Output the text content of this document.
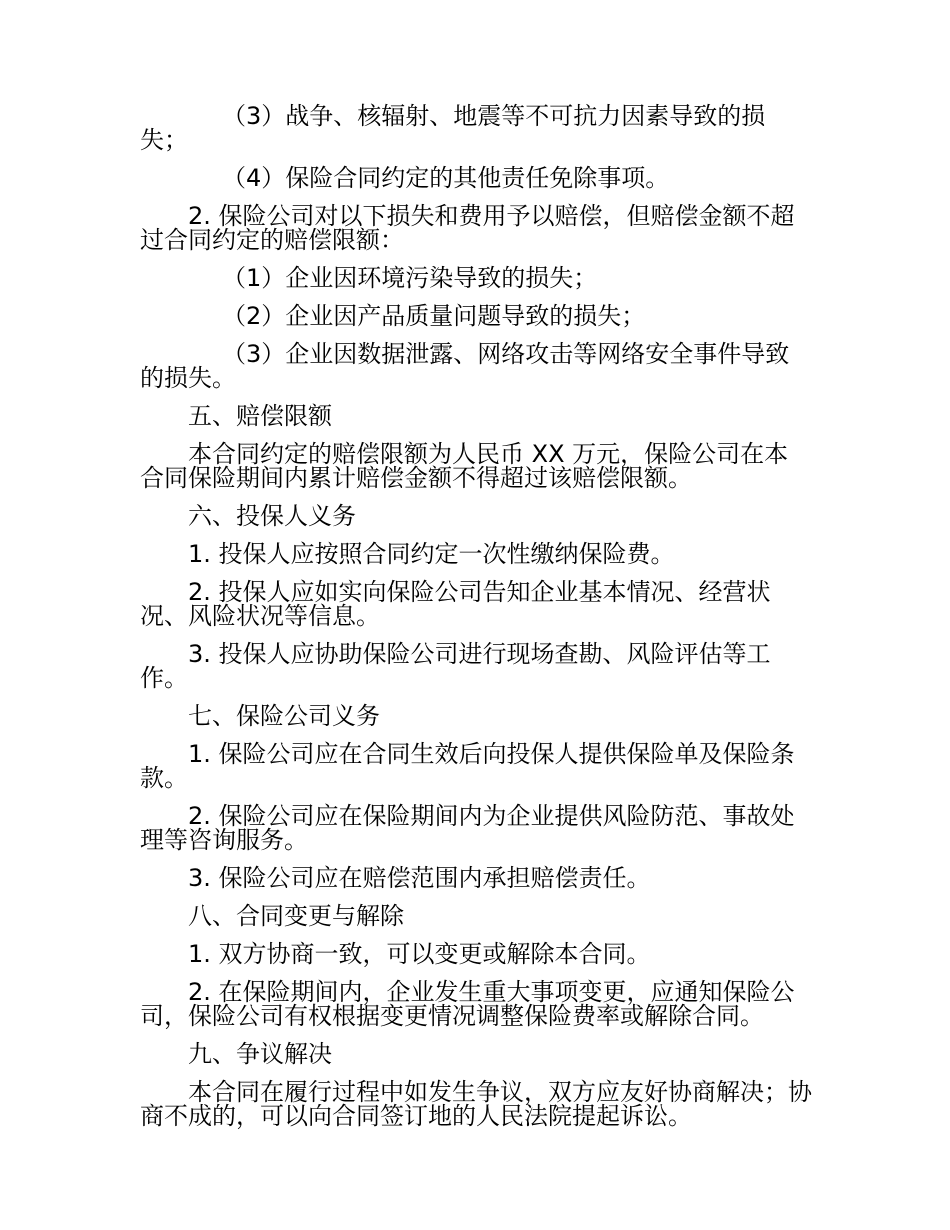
（3）战争、核辐射、地震等不可抗力因素导致的损失；

（4）保险合同约定的其他责任免除事项。

2. 保险公司对以下损失和费用予以赔偿，但赔偿金额不超过合同约定的赔偿限额：

（1）企业因环境污染导致的损失；

（2）企业因产品质量问题导致的损失；

（3）企业因数据泄露、网络攻击等网络安全事件导致的损失。

五、赔偿限额

本合同约定的赔偿限额为人民币 XX 万元，保险公司在本合同保险期间内累计赔偿金额不得超过该赔偿限额。

六、投保人义务

1. 投保人应按照合同约定一次性缴纳保险费。

2. 投保人应如实向保险公司告知企业基本情况、经营状况、风险状况等信息。

3. 投保人应协助保险公司进行现场查勘、风险评估等工作。

七、保险公司义务

1. 保险公司应在合同生效后向投保人提供保险单及保险条款。

2. 保险公司应在保险期间内为企业提供风险防范、事故处理等咨询服务。

3. 保险公司应在赔偿范围内承担赔偿责任。

八、合同变更与解除

1. 双方协商一致，可以变更或解除本合同。

2. 在保险期间内，企业发生重大事项变更，应通知保险公司，保险公司有权根据变更情况调整保险费率或解除合同。

九、争议解决

本合同在履行过程中如发生争议，双方应友好协商解决；协商不成的，可以向合同签订地的人民法院提起诉讼。
